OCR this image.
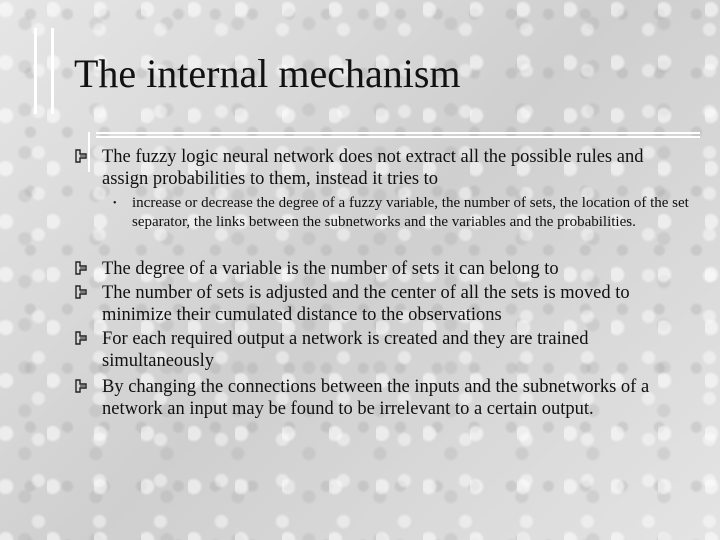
The internal mechanism
The fuzzy logic neural network does not extract all the possible rules and assign probabilities to them, instead it tries to
• increase or decrease the degree of a fuzzy variable, the number of sets, the location of the set separator, the links between the subnetworks and the variables and the probabilities.
The degree of a variable is the number of sets it can belong to
The number of sets is adjusted and the center of all the sets is moved to minimize their cumulated distance to the observations
For each required output a network is created and they are trained simultaneously
By changing the connections between the inputs and the subnetworks of a network an input may be found to be irrelevant to a certain output.
